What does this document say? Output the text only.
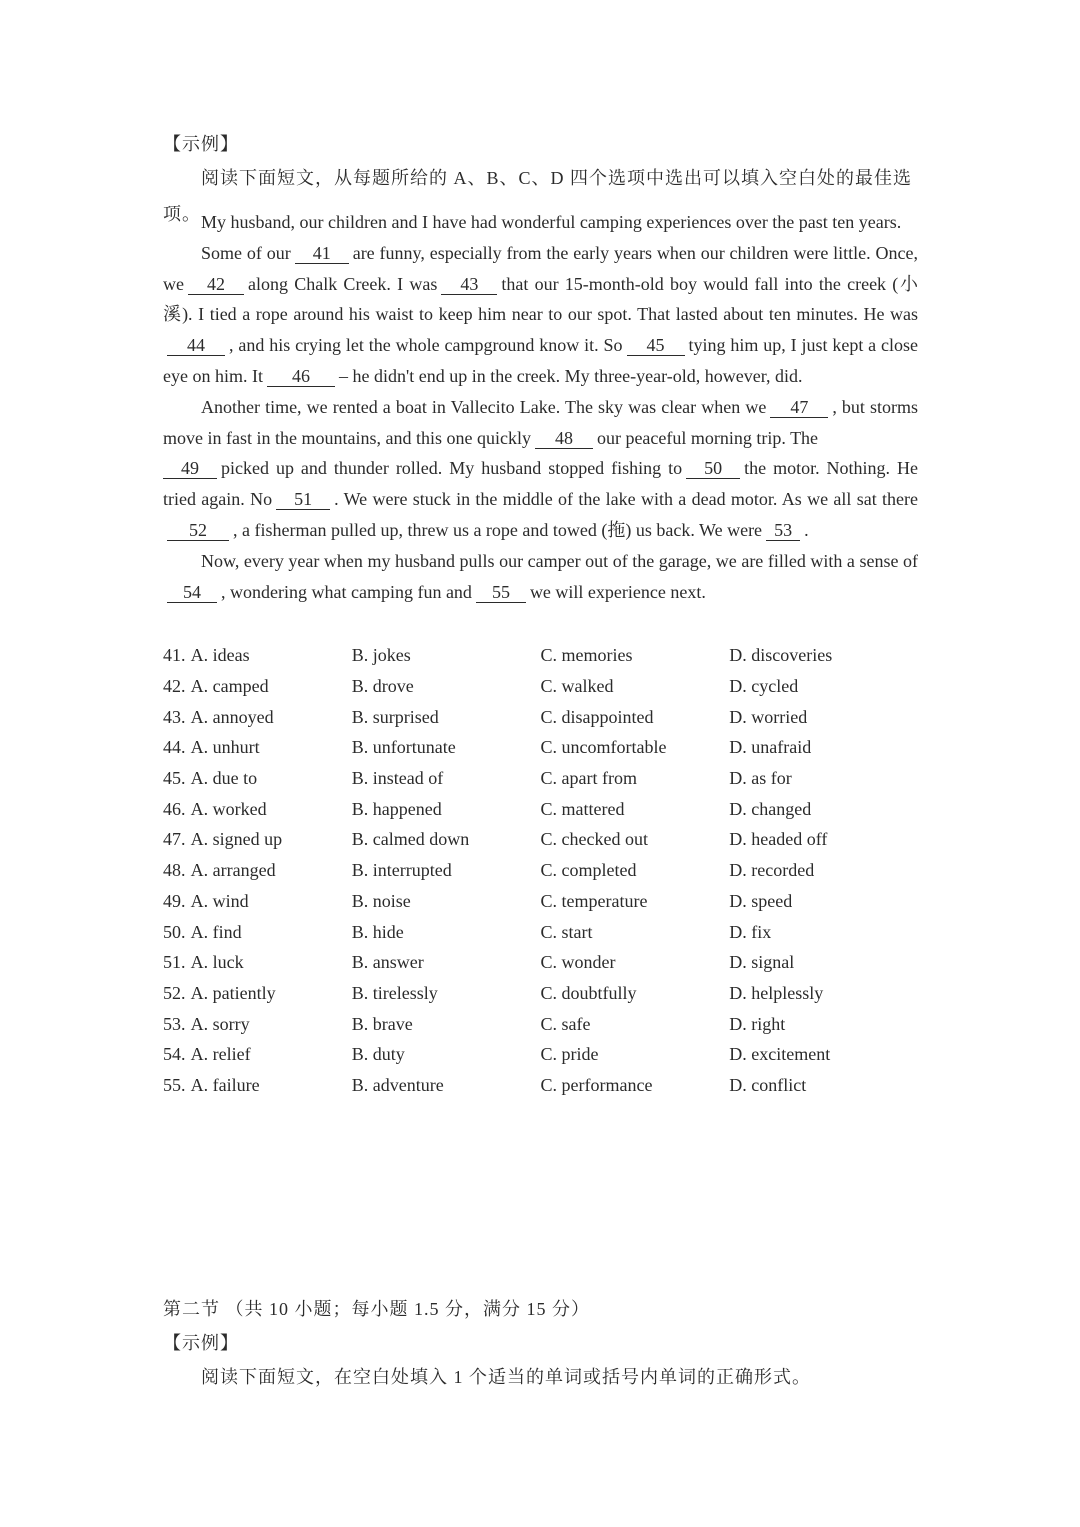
【示例】
阅读下面短文，从每题所给的 A、B、C、D 四个选项中选出可以填入空白处的最佳选项。 My husband, our children and I have had wonderful camping experiences over the past ten years.

Some of our 41 are funny, especially from the early years when our children were little. Once, we 42 along Chalk Creek. I was 43 that our 15-month-old boy would fall into the creek (小溪). I tied a rope around his waist to keep him near to our spot. That lasted about ten minutes. He was44 , and his crying let the whole campground know it. So 45 tying him up, I just kept a close eye on him. It 46 – he didn't end up in the creek. My three-year-old, however, did.

Another time, we rented a boat in Vallecito Lake. The sky was clear when we 47 , but storms move in fast in the mountains, and this one quickly 48 our peaceful morning trip. The

49 picked up and thunder rolled. My husband stopped fishing to 50 the motor. Nothing. He tried again. No 51 . We were stuck in the middle of the lake with a dead motor. As we all sat there52 , a fisherman pulled up, threw us a rope and towed (拖) us back. We were 53 .

Now, every year when my husband pulls our camper out of the garage, we are filled with a sense of54 , wondering what camping fun and 55 we will experience next.

41. A. ideas	B. jokes	C. memories	D. discoveries
42. A. camped	B. drove	C. walked	D. cycled
43. A. annoyed	B. surprised	C. disappointed	D. worried
44. A. unhurt	B. unfortunate	C. uncomfortable	D. unafraid
45. A. due to	B. instead of	C. apart from	D. as for
46. A. worked	B. happened	C. mattered	D. changed
47. A. signed up	B. calmed down	C. checked out	D. headed off
48. A. arranged	B. interrupted	C. completed	D. recorded
49. A. wind	B. noise	C. temperature	D. speed
50. A. find	B. hide	C. start	D. fix
51. A. luck	B. answer	C. wonder	D. signal
52. A. patiently	B. tirelessly	C. doubtfully	D. helplessly
53. A. sorry	B. brave	C. safe	D. right
54. A. relief	B. duty	C. pride	D. excitement
55. A. failure	B. adventure	C. performance	D. conflict
第二节 （共 10 小题；每小题 1.5 分，满分 15 分）
【示例】
阅读下面短文，在空白处填入 1 个适当的单词或括号内单词的正确形式。
